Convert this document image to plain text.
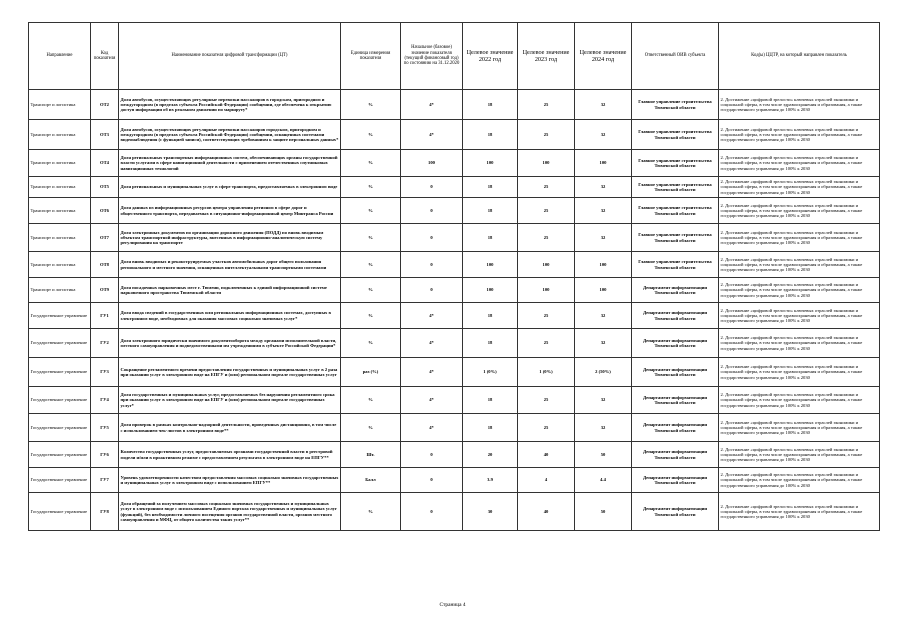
Направление	Код показателя	Наименование показателя цифровой трансформации (ЦТ)	Единица измерения показателя	Начальное (базовое) значение показателя (текущий финансовый год) по состоянию на 31.12.2020	Целевое значение 2022 год	Целевое значение 2023 год	Целевое значение 2024 год	Ответственный ОИВ субъекта	Код(ы) ЦЦТР, на который направлен показатель
Транспорт и логистика	ОТ2	Доля автобусов, осуществляющих регулярные перевозки пассажиров в городском, пригородном и междугородном (в пределах субъекта Российской Федерации) сообщении, где обеспечена к открытию доступ информации об их реальном движении по маршруту*	%	4*	18	25	32	Главное управление строительства Тюменской области	2. Достижение «цифровой зрелости» ключевых отраслей экономики и социальной сферы, в том числе здравоохранения и образования, а также государственного управления до 100% к 2030
Транспорт и логистика	ОТ3	Доля автобусов, осуществляющих регулярные перевозки пассажиров городском, пригородном и междугородном (в пределах субъекта Российской Федерации) сообщении, оснащенных системами видеонаблюдения (с функцией записи), соответствующих требованиям к защите персональных данных*	%	4*	18	25	32	Главное управление строительства Тюменской области	2. Достижение «цифровой зрелости» ключевых отраслей экономики и социальной сферы, в том числе здравоохранения и образования, а также государственного управления до 100% к 2030
Транспорт и логистика	ОТ4	Доля региональных транспортных информационных систем, обеспечивающих органы государственной власти услугами в сфере навигационной деятельности с применением отечественных спутниковых навигационных технологий	%	100	100	100	100	Главное управление строительства Тюменской области	2. Достижение «цифровой зрелости» ключевых отраслей экономики и социальной сферы, в том числе здравоохранения и образования, а также государственного управления до 100% к 2030
Транспорт и логистика	ОТ5	Доля региональных и муниципальных услуг в сфере транспорта, предоставляемых в электронном виде	%	0	18	25	32	Главное управление строительства Тюменской области	2. Достижение «цифровой зрелости» ключевых отраслей экономики и социальной сферы, в том числе здравоохранения и образования, а также государственного управления до 100% к 2030
Транспорт и логистика	ОТ6	Доля данных из информационных ресурсов центра управления регионом в сфере дорог и общественного транспорта, передаваемых в ситуационно-информационный центр Минтранса России	%	0	18	25	32	Главное управление строительства Тюменской области	2. Достижение «цифровой зрелости» ключевых отраслей экономики и социальной сферы, в том числе здравоохранения и образования, а также государственного управления до 100% к 2030
Транспорт и логистика	ОТ7	Доля электронных документов по организации дорожного движения (ПОДД) по вновь вводимым объектам транспортной инфраструктуры, внесенных в информационно-аналитическую систему регулирования на транспорте	%	0	18	25	32	Главное управление строительства Тюменской области	2. Достижение «цифровой зрелости» ключевых отраслей экономики и социальной сферы, в том числе здравоохранения и образования, а также государственного управления до 100% к 2030
Транспорт и логистика	ОТ8	Доля вновь вводимых и реконструируемых участков автомобильных дорог общего пользования регионального и местного значения, оснащенных интеллектуальными транспортными системами	%	0	100	100	100	Главное управление строительства Тюменской области	2. Достижение «цифровой зрелости» ключевых отраслей экономики и социальной сферы, в том числе здравоохранения и образования, а также государственного управления до 100% к 2030
Транспорт и логистика	ОТ9	Доля посадочных парковочных мест г. Тюмени, подключенных к единой информационной системе парковочного пространства Тюменской области	%	0	100	100	100	Департамент информатизации Тюменской области	2. Достижение «цифровой зрелости» ключевых отраслей экономики и социальной сферы, в том числе здравоохранения и образования, а также государственного управления до 100% к 2030
Государственное управление	ГУ1	Доля ввода сведений в государственных или региональных информационных системах, доступных в электронном виде, необходимых для оказания массовых социально значимых услуг*	%	4*	18	25	32	Департамент информатизации Тюменской области	2. Достижение «цифровой зрелости» ключевых отраслей экономики и социальной сферы, в том числе здравоохранения и образования, а также государственного управления до 100% к 2030
Государственное управление	ГУ2	Доля электронного юридически значимого документооборота между органами исполнительной власти, местного самоуправления и подведомственными им учреждениями в субъекте Российской Федерации*	%	4*	18	25	32	Департамент информатизации Тюменской области	2. Достижение «цифровой зрелости» ключевых отраслей экономики и социальной сферы, в том числе здравоохранения и образования, а также государственного управления до 100% к 2030
Государственное управление	ГУ3	Сокращение регламентного времени предоставления государственных и муниципальных услуг в 2 раза при оказании услуг в электронном виде на ЕПГУ и (или) региональном портале государственных услуг	раз (%)	4*	1 (0%)	1 (0%)	2 (50%)	Департамент информатизации Тюменской области	2. Достижение «цифровой зрелости» ключевых отраслей экономики и социальной сферы, в том числе здравоохранения и образования, а также государственного управления до 100% к 2030
Государственное управление	ГУ4	Доля государственных и муниципальных услуг, предоставляемых без нарушения регламентного срока при оказании услуг в электронном виде на ЕПГУ и (или) региональном портале государственных услуг*	%	4*	18	25	32	Департамент информатизации Тюменской области	2. Достижение «цифровой зрелости» ключевых отраслей экономики и социальной сферы, в том числе здравоохранения и образования, а также государственного управления до 100% к 2030
Государственное управление	ГУ5	Доля проверок в рамках контрольно-надзорной деятельности, проведенных дистанционно, в том числе с использованием чек-листов в электронном виде**	%	4*	18	25	32	Департамент информатизации Тюменской области	2. Достижение «цифровой зрелости» ключевых отраслей экономики и социальной сферы, в том числе здравоохранения и образования, а также государственного управления до 100% к 2030
Государственное управление	ГУ6	Количество государственных услуг, предоставляемых органами государственной власти в реестровой модели и/или в проактивном режиме с предоставлением результата в электронном виде на ЕПГУ**	Шт.	0	20	40	50	Департамент информатизации Тюменской области	2. Достижение «цифровой зрелости» ключевых отраслей экономики и социальной сферы, в том числе здравоохранения и образования, а также государственного управления до 100% к 2030
Государственное управление	ГУ7	Уровень удовлетворенности качеством предоставления массовых социально значимых государственных и муниципальных услуг в электронном виде с использованием ЕПГУ**	Балл	0	3.9	4	4.4	Департамент информатизации Тюменской области	2. Достижение «цифровой зрелости» ключевых отраслей экономики и социальной сферы, в том числе здравоохранения и образования, а также государственного управления до 100% к 2030
Государственное управление	ГУ8	Доля обращений за получением массовых социально значимых государственных и муниципальных услуг в электронном виде с использованием Единого портала государственных и муниципальных услуг (функций), без необходимости личного посещения органов государственной власти, органов местного самоуправления и МФЦ, от общего количества таких услуг**	%	0	30	40	50	Департамент информатизации Тюменской области	2. Достижение «цифровой зрелости» ключевых отраслей экономики и социальной сферы, в том числе здравоохранения и образования, а также государственного управления до 100% к 2030
Страница 4
